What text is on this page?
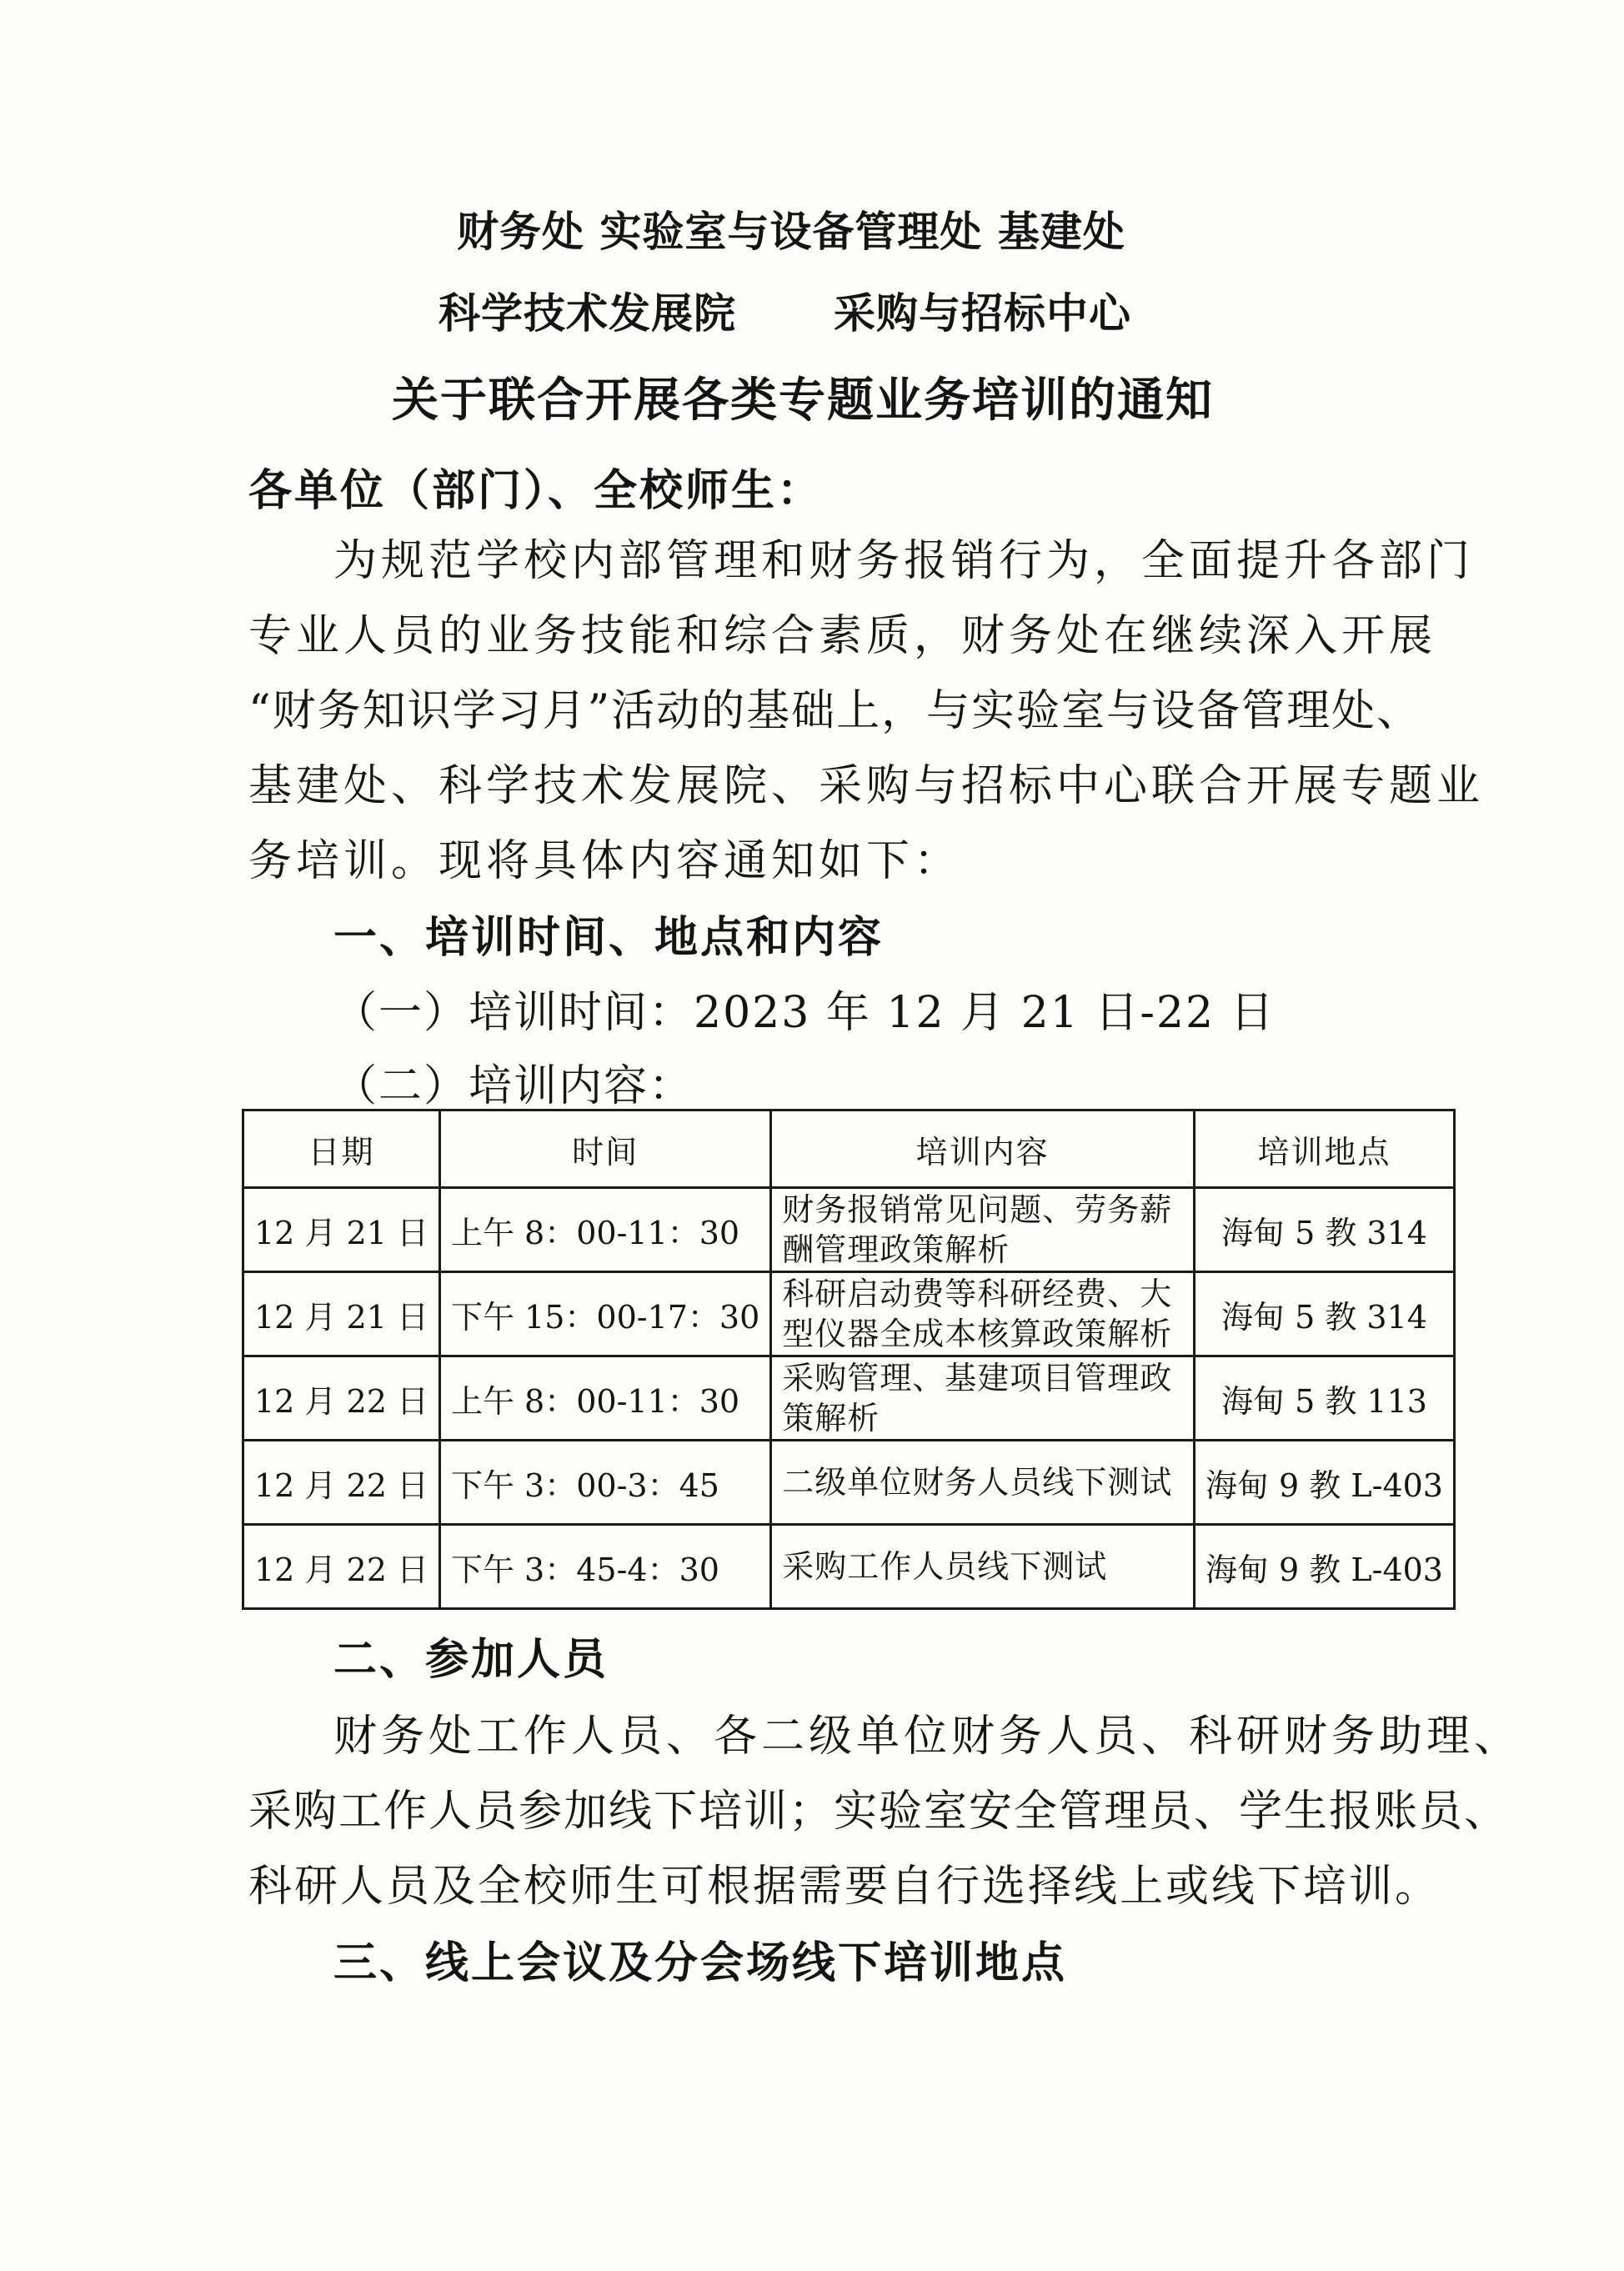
财务处 实验室与设备管理处 基建处
科学技术发展院 采购与招标中心
关于联合开展各类专题业务培训的通知
各单位（部门）、全校师生：
为规范学校内部管理和财务报销行为，全面提升各部门
专业人员的业务技能和综合素质，财务处在继续深入开展
“财务知识学习月”活动的基础上，与实验室与设备管理处、
基建处、科学技术发展院、采购与招标中心联合开展专题业
务培训。现将具体内容通知如下：
一、培训时间、地点和内容
（一）培训时间：2023 年 12 月 21 日-22 日
（二）培训内容：
日期	时间	培训内容	培训地点
12 月 21 日	上午 8：00-11：30	财务报销常见问题、劳务薪酬管理政策解析	海甸 5 教 314
12 月 21 日	下午 15：00-17：30	科研启动费等科研经费、大型仪器全成本核算政策解析	海甸 5 教 314
12 月 22 日	上午 8：00-11：30	采购管理、基建项目管理政策解析	海甸 5 教 113
12 月 22 日	下午 3：00-3：45	二级单位财务人员线下测试	海甸 9 教 L-403
12 月 22 日	下午 3：45-4：30	采购工作人员线下测试	海甸 9 教 L-403
二、参加人员
财务处工作人员、各二级单位财务人员、科研财务助理、
采购工作人员参加线下培训；实验室安全管理员、学生报账员、
科研人员及全校师生可根据需要自行选择线上或线下培训。
三、线上会议及分会场线下培训地点
